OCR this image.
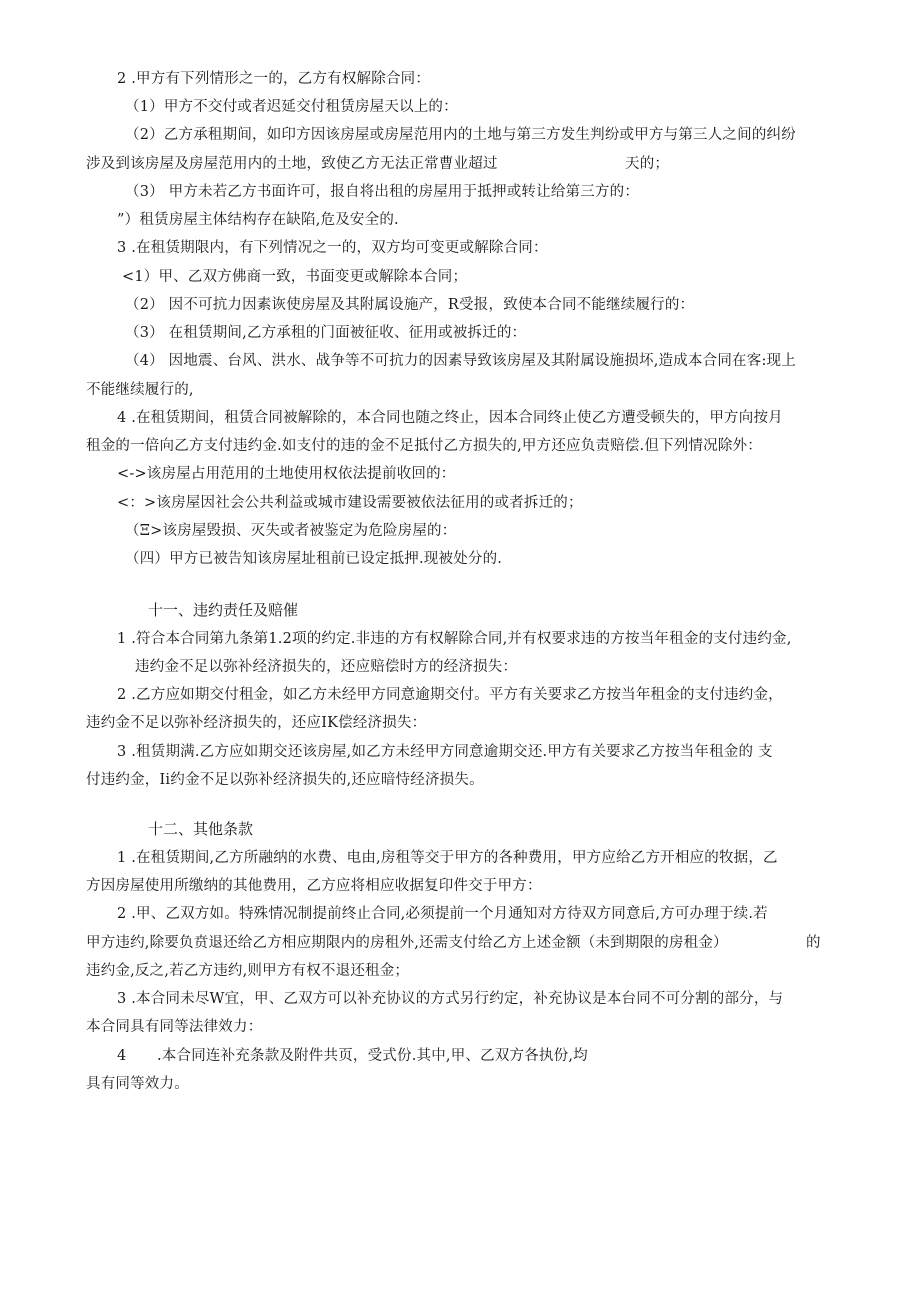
2 .甲方有下列情形之一的，乙方有权解除合同：
（1）甲方不交付或者迟延交付租赁房屋天以上的：
（2）乙方承租期间，如印方因该房屋或房屋范用内的土地与第三方发生判纷或甲方与第三人之间的纠纷
涉及到该房屋及房屋范用内的土地，致使乙方无法正常曹业超过	天的；
（3） 甲方未若乙方书面许可，报自将出租的房屋用于抵押或转让给第三方的：
”）租赁房屋主体结构存在缺陷,危及安全的.
3 .在租赁期限内，有下列情况之一的，双方均可变更或解除合同：
<1）甲、乙双方佛商一致，书面变更或解除本合同；
（2） 因不可抗力因素诙使房屋及其附属设施产，R受报，致使本合同不能继续履行的：
（3） 在租赁期间,乙方承租的门面被征收、征用或被拆迁的：
（4） 因地震、台风、洪水、战争等不可抗力的因素导致该房屋及其附属设施损坏,造成本合同在客:现上
不能继续履行的,
4 .在租赁期间，租赁合同被解除的，本合同也随之终止，因本合同终止使乙方遭受顿失的，甲方向按月
租金的一倍向乙方支付违约金.如支付的违的金不足抵付乙方损失的,甲方还应负责赔偿.但下列情况除外：
<->该房屋占用范用的土地使用权依法提前收回的：
<：>该房屋因社会公共利益或城市建设需要被依法征用的或者拆迁的；
（Ξ>该房屋毁损、灭失或者被鉴定为危险房屋的：
（四）甲方已被告知该房屋址租前已设定抵押.现被处分的.
十一、违约责任及赔催
1 .符合本合同第九条第1.2项的约定.非违的方有权解除合同,并有权要求违的方按当年租金的支付违约金,
违约金不足以弥补经济损失的，还应赔偿时方的经济损失：
2 .乙方应如期交付租金，如乙方未经甲方同意逾期交付。平方有关要求乙方按当年租金的支付违约金，
违约金不足以弥补经济损失的，还应IK偿经济损失：
3 .租赁期满.乙方应如期交还该房屋,如乙方未经甲方同意逾期交还.甲方有关要求乙方按当年租金的 支
付违约金，Ii约金不足以弥补经济损失的,还应暗恃经济损失。
十二、其他条款
1 .在租赁期间,乙方所融纳的水费、电由,房租等交于甲方的各种费用，甲方应给乙方开相应的牧据，乙
方因房屋使用所缴纳的其他费用，乙方应将相应收据复印件交于甲方：
2 .甲、乙双方如。特殊情况制提前终止合同,必须提前一个月通知对方待双方同意后,方可办理于续.若
甲方违约,除要负贲退还给乙方相应期限内的房租外,还需支付给乙方上述金额（未到期限的房租金）	的
违约金,反之,若乙方违约,则甲方有权不退还租金；
3 .本合同未尽W宜，甲、乙双方可以补充协议的方式另行约定，补充协议是本台同不可分割的部分，与
本合同具有同等法律效力：
4 .本合同连补充条款及附件共页，受式份.其中,甲、乙双方各执份,均
具有同等效力。
